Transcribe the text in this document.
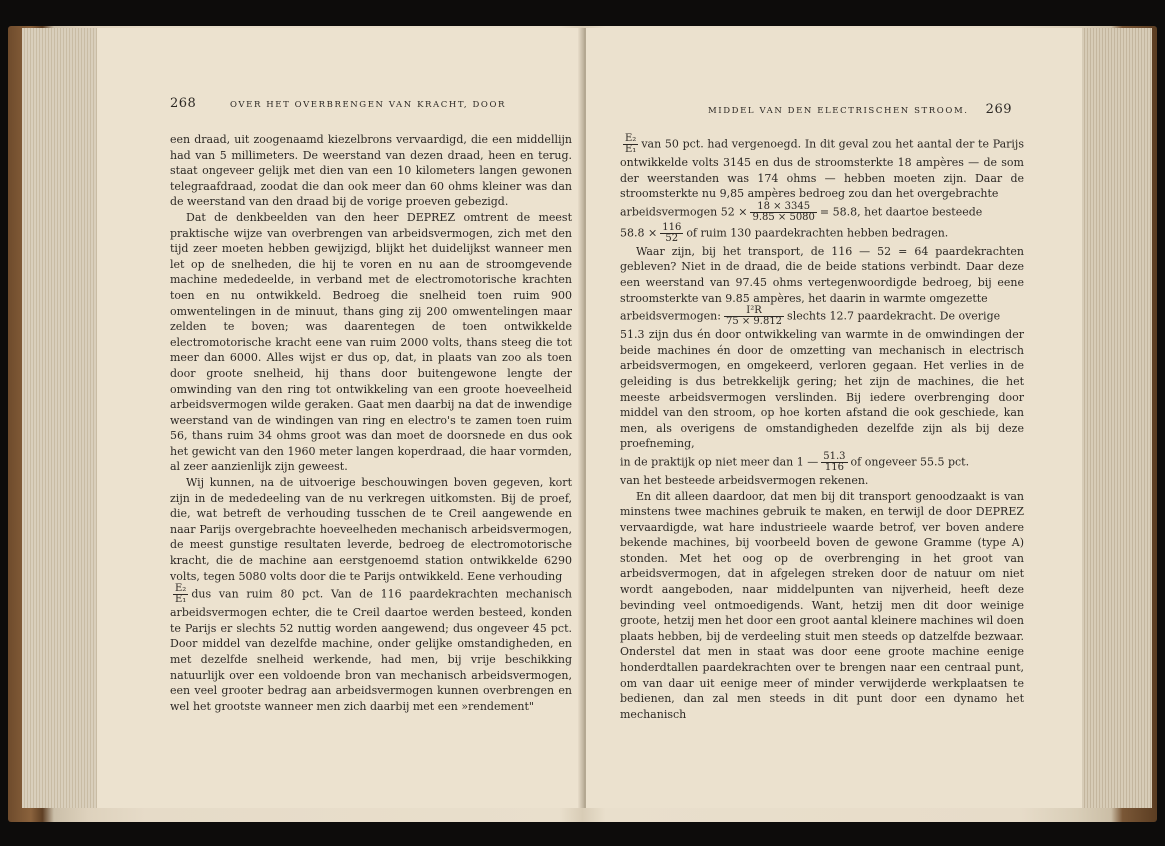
268	OVER HET OVERBRENGEN VAN KRACHT, DOOR

een draad, uit zoogenaamd kiezelbrons vervaardigd, die een middellijn had van 5 millimeters. De weerstand van dezen draad, heen en terug. staat ongeveer gelijk met dien van een 10 kilometers langen gewonen telegraafdraad, zoodat die dan ook meer dan 60 ohms kleiner was dan de weerstand van den draad bij de vorige proeven gebezigd.

Dat de denkbeelden van den heer DEPREZ omtrent de meest praktische wijze van overbrengen van arbeidsvermogen, zich met den tijd zeer moeten hebben gewijzigd, blijkt het duidelijkst wanneer men let op de snelheden, die hij te voren en nu aan de stroomgevende machine mededeelde, in verband met de electromotorische krachten toen en nu ontwikkeld. Bedroeg die snelheid toen ruim 900 omwentelingen in de minuut, thans ging zij 200 omwentelingen maar zelden te boven; was daarentegen de toen ontwikkelde electromotorische kracht eene van ruim 2000 volts, thans steeg die tot meer dan 6000. Alles wijst er dus op, dat, in plaats van zoo als toen door groote snelheid, hij thans door buitengewone lengte der omwinding van den ring tot ontwikkeling van een groote hoeveelheid arbeidsvermogen wilde geraken. Gaat men daarbij na dat de inwendige weerstand van de windingen van ring en electro's te zamen toen ruim 56, thans ruim 34 ohms groot was dan moet de doorsnede en dus ook het gewicht van den 1960 meter langen koperdraad, die haar vormden, al zeer aanzienlijk zijn geweest.

Wij kunnen, na de uitvoerige beschouwingen boven gegeven, kort zijn in de mededeeling van de nu verkregen uitkomsten. Bij de proef, die, wat betreft de verhouding tusschen de te Creil aangewende en naar Parijs overgebrachte hoeveelheden mechanisch arbeidsvermogen, de meest gunstige resultaten leverde, bedroeg de electromotorische kracht, die de machine aan eerstgenoemd station ontwikkelde 6290 volts, tegen 5080 volts door die te Parijs ontwikkeld. Eene verhouding

$\frac{\text{E₂}}{\text{E₁}}$ dus van ruim 80 pct. Van de 116 paardekrachten mechanisch arbeidsvermogen echter, die te Creil daartoe werden besteed, konden te Parijs er slechts 52 nuttig worden aangewend; dus ongeveer 45 pct. Door middel van dezelfde machine, onder gelijke omstandigheden, en met dezelfde snelheid werkende, had men, bij vrije beschikking natuurlijk over een voldoende bron van mechanisch arbeidsvermogen, een veel grooter bedrag aan arbeidsvermogen kunnen overbrengen en wel het grootste wanneer men zich daarbij met een »rendement"

MIDDEL VAN DEN ELECTRISCHEN STROOM. 269

$\frac{\text{E₂}}{\text{E₁}}$ van 50 pct. had vergenoegd. In dit geval zou het aantal der te Parijs ontwikkelde volts 3145 en dus de stroomsterkte 18 ampères — de som der weerstanden was 174 ohms — hebben moeten zijn. Daar de stroomsterkte nu 9,85 ampères bedroeg zou dan het overgebrachte

arbeidsvermogen $52 \times \frac{18 \times 3345}{9.85 \times 5080} = 58.8$, het daartoe besteede

$58.8 \times \frac{116}{52}$ of ruim 130 paardekrachten hebben bedragen.

Waar zijn, bij het transport, de 116 — 52 = 64 paardekrachten gebleven? Niet in de draad, die de beide stations verbindt. Daar deze een weerstand van 97.45 ohms vertegenwoordigde bedroeg, bij eene stroomsterkte van 9.85 ampères, het daarin in warmte omgezette

arbeidsvermogen: $\frac{\text{I²R}}{75 \times 9.812}$ slechts 12.7 paardekracht. De overige

51.3 zijn dus én door ontwikkeling van warmte in de omwindingen der beide machines én door de omzetting van mechanisch in electrisch arbeidsvermogen, en omgekeerd, verloren gegaan. Het verlies in de geleiding is dus betrekkelijk gering; het zijn de machines, die het meeste arbeidsvermogen verslinden. Bij iedere overbrenging door middel van den stroom, op hoe korten afstand die ook geschiede, kan men, als overigens de omstandigheden dezelfde zijn als bij deze proefneming,

in de praktijk op niet meer dan 1 — $\frac{51.3}{116}$ of ongeveer 55.5 pct.

van het besteede arbeidsvermogen rekenen.

En dit alleen daardoor, dat men bij dit transport genoodzaakt is van minstens twee machines gebruik te maken, en terwijl de door DEPREZ vervaardigde, wat hare industrieele waarde betrof, ver boven andere bekende machines, bij voorbeeld boven de gewone Gramme (type A) stonden. Met het oog op de overbrenging in het groot van arbeidsvermogen, dat in afgelegen streken door de natuur om niet wordt aangeboden, naar middelpunten van nijverheid, heeft deze bevinding veel ontmoedigends. Want, hetzij men dit door weinige groote, hetzij men het door een groot aantal kleinere machines wil doen plaats hebben, bij de verdeeling stuit men steeds op datzelfde bezwaar. Onderstel dat men in staat was door eene groote machine eenige honderdtallen paardekrachten over te brengen naar een centraal punt, om van daar uit eenige meer of minder verwijderde werkplaatsen te bedienen, dan zal men steeds in dit punt door een dynamo het mechanisch
